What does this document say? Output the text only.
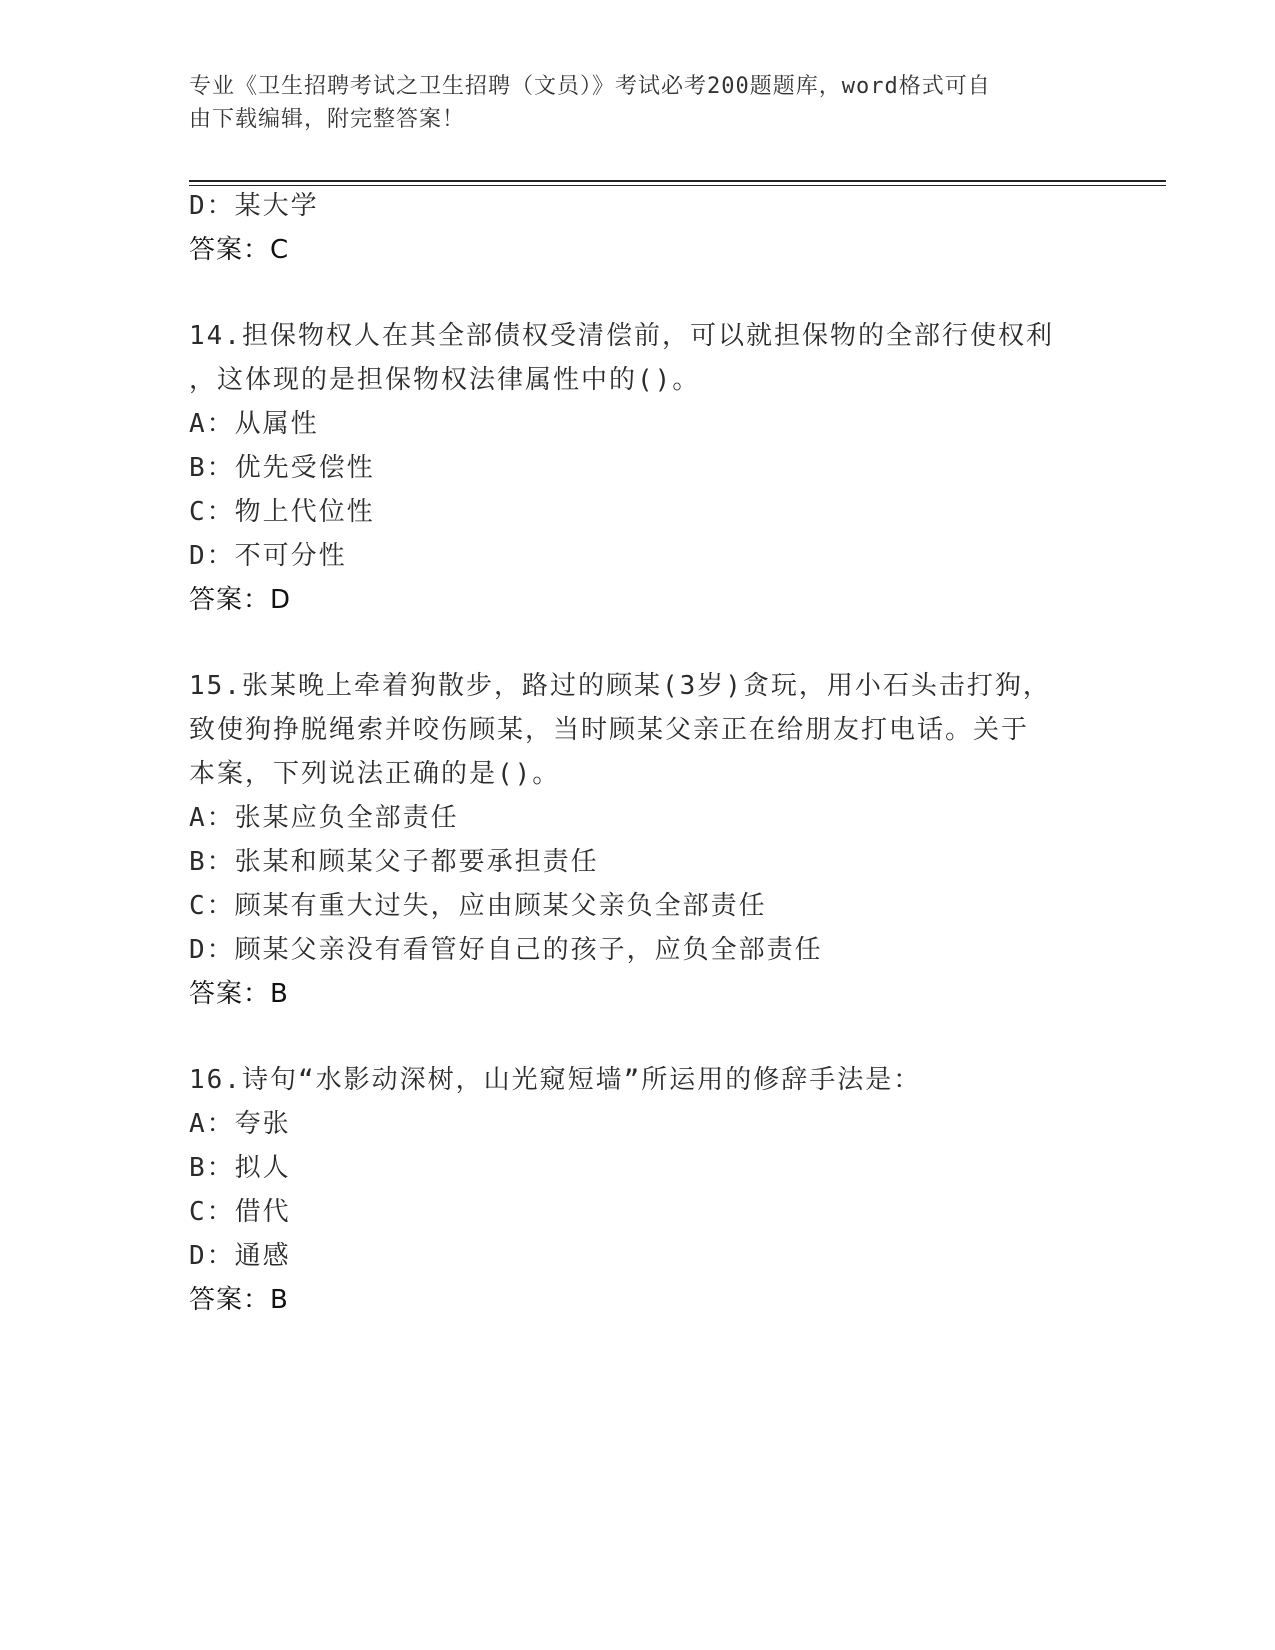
专业《卫生招聘考试之卫生招聘（文员）》考试必考200题题库，word格式可自
由下载编辑，附完整答案！
D：某大学
答案：C
14.担保物权人在其全部债权受清偿前，可以就担保物的全部行使权利
，这体现的是担保物权法律属性中的()。
A：从属性
B：优先受偿性
C：物上代位性
D：不可分性
答案：D
15.张某晚上牵着狗散步，路过的顾某(3岁)贪玩，用小石头击打狗，
致使狗挣脱绳索并咬伤顾某，当时顾某父亲正在给朋友打电话。关于
本案，下列说法正确的是()。
A：张某应负全部责任
B：张某和顾某父子都要承担责任
C：顾某有重大过失，应由顾某父亲负全部责任
D：顾某父亲没有看管好自己的孩子，应负全部责任
答案：B
16.诗句“水影动深树，山光窥短墙”所运用的修辞手法是：
A：夸张
B：拟人
C：借代
D：通感
答案：B
